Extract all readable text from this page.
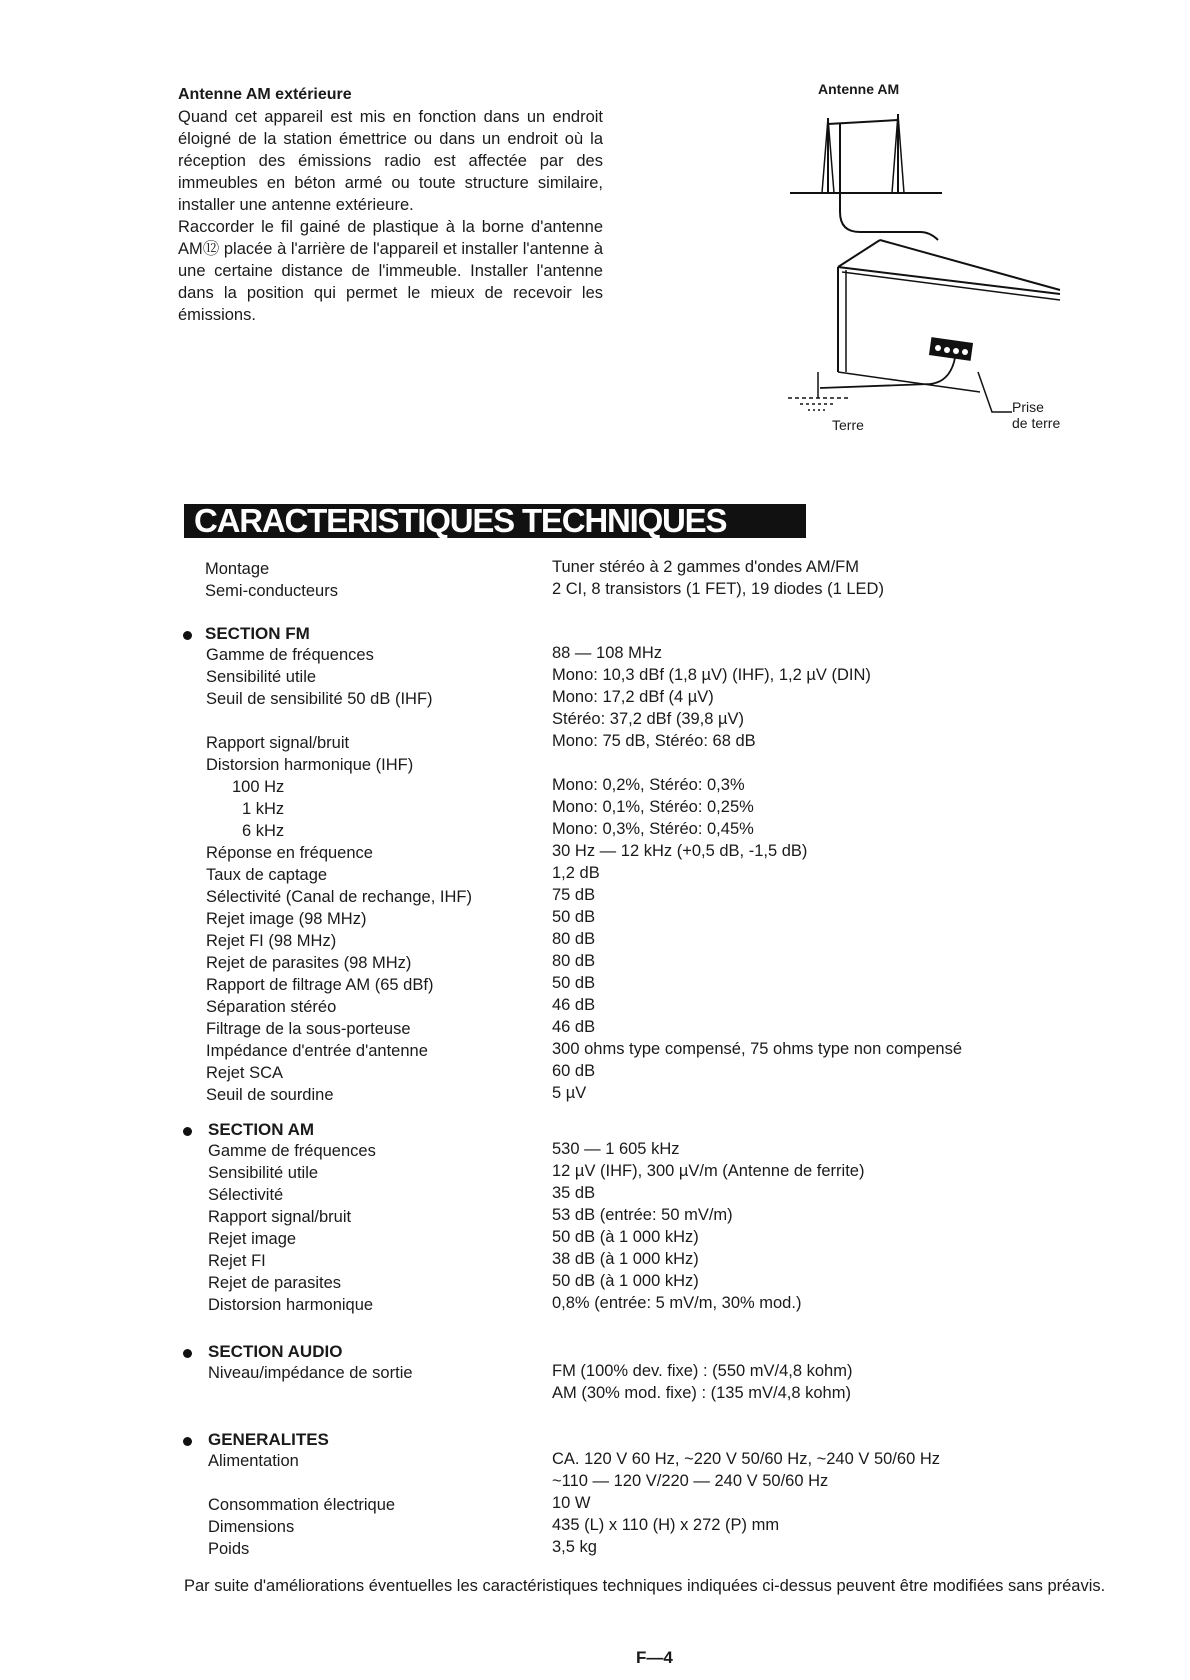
Antenne AM extérieure

Quand cet appareil est mis en fonction dans un endroit éloigné de la station émettrice ou dans un endroit où la réception des émissions radio est affectée par des immeubles en béton armé ou toute structure similaire, installer une antenne extérieure.

Raccorder le fil gainé de plastique à la borne d'antenne AM⑫ placée à l'arrière de l'appareil et installer l'antenne à une certaine distance de l'immeuble. Installer l'antenne dans la position qui permet le mieux de recevoir les émissions.

Antenne AM
Terre
Prise
de terre
CARACTERISTIQUES TECHNIQUES
Montage	Tuner stéréo à 2 gammes d'ondes AM/FM
Semi-conducteurs	2 CI, 8 transistors (1 FET), 19 diodes (1 LED)
SECTION FM
Gamme de fréquences	88 — 108 MHz
Sensibilité utile	Mono: 10,3 dBf (1,8 µV) (IHF), 1,2 µV (DIN)
Seuil de sensibilité 50 dB (IHF)	Mono: 17,2 dBf (4 µV)
Stéréo: 37,2 dBf (39,8 µV)
Rapport signal/bruit	Mono: 75 dB, Stéréo: 68 dB
Distorsion harmonique (IHF)
100 Hz	Mono: 0,2%, Stéréo: 0,3%
1 kHz	Mono: 0,1%, Stéréo: 0,25%
6 kHz	Mono: 0,3%, Stéréo: 0,45%
Réponse en fréquence	30 Hz — 12 kHz (+0,5 dB, -1,5 dB)
Taux de captage	1,2 dB
Sélectivité (Canal de rechange, IHF)	75 dB
Rejet image (98 MHz)	50 dB
Rejet FI (98 MHz)	80 dB
Rejet de parasites (98 MHz)	80 dB
Rapport de filtrage AM (65 dBf)	50 dB
Séparation stéréo	46 dB
Filtrage de la sous-porteuse	46 dB
Impédance d'entrée d'antenne	300 ohms type compensé, 75 ohms type non compensé
Rejet SCA	60 dB
Seuil de sourdine	5 µV
SECTION AM
Gamme de fréquences	530 — 1 605 kHz
Sensibilité utile	12 µV (IHF), 300 µV/m (Antenne de ferrite)
Sélectivité	35 dB
Rapport signal/bruit	53 dB (entrée: 50 mV/m)
Rejet image	50 dB (à 1 000 kHz)
Rejet FI	38 dB (à 1 000 kHz)
Rejet de parasites	50 dB (à 1 000 kHz)
Distorsion harmonique	0,8% (entrée: 5 mV/m, 30% mod.)
SECTION AUDIO
Niveau/impédance de sortie	FM (100% dev. fixe) : (550 mV/4,8 kohm)
AM (30% mod. fixe) : (135 mV/4,8 kohm)
GENERALITES
Alimentation	CA. 120 V 60 Hz, ~220 V 50/60 Hz, ~240 V 50/60 Hz
~110 — 120 V/220 — 240 V 50/60 Hz
Consommation électrique	10 W
Dimensions	435 (L) x 110 (H) x 272 (P) mm
Poids	3,5 kg
Par suite d'améliorations éventuelles les caractéristiques techniques indiquées ci-dessus peuvent être modifiées sans préavis.
F—4
